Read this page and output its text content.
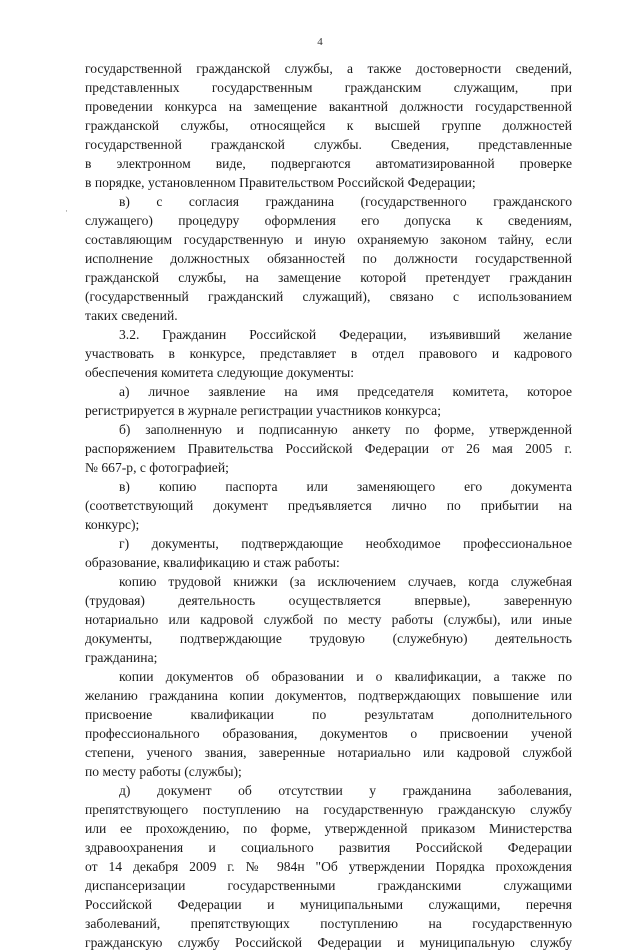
4
·
государственной гражданской службы, а также достоверности сведений,
представленных государственным гражданским служащим, при
проведении конкурса на замещение вакантной должности государственной
гражданской службы, относящейся к высшей группе должностей
государственной гражданской службы. Сведения, представленные
в электронном виде, подвергаются автоматизированной проверке
в порядке, установленном Правительством Российской Федерации;
в) с согласия гражданина (государственного гражданского
служащего) процедуру оформления его допуска к сведениям,
составляющим государственную и иную охраняемую законом тайну, если
исполнение должностных обязанностей по должности государственной
гражданской службы, на замещение которой претендует гражданин
(государственный гражданский служащий), связано с использованием
таких сведений.
3.2. Гражданин Российской Федерации, изъявивший желание
участвовать в конкурсе, представляет в отдел правового и кадрового
обеспечения комитета следующие документы:
а) личное заявление на имя председателя комитета, которое
регистрируется в журнале регистрации участников конкурса;
б) заполненную и подписанную анкету по форме, утвержденной
распоряжением Правительства Российской Федерации от 26 мая 2005 г.
№ 667-р, с фотографией;
в) копию паспорта или заменяющего его документа
(соответствующий документ предъявляется лично по прибытии на
конкурс);
г) документы, подтверждающие необходимое профессиональное
образование, квалификацию и стаж работы:
копию трудовой книжки (за исключением случаев, когда служебная
(трудовая) деятельность осуществляется впервые), заверенную
нотариально или кадровой службой по месту работы (службы), или иные
документы, подтверждающие трудовую (служебную) деятельность
гражданина;
копии документов об образовании и о квалификации, а также по
желанию гражданина копии документов, подтверждающих повышение или
присвоение квалификации по результатам дополнительного
профессионального образования, документов о присвоении ученой
степени, ученого звания, заверенные нотариально или кадровой службой
по месту работы (службы);
д) документ об отсутствии у гражданина заболевания,
препятствующего поступлению на государственную гражданскую службу
или ее прохождению, по форме, утвержденной приказом Министерства
здравоохранения и социального развития Российской Федерации
от 14 декабря 2009 г. № 984н "Об утверждении Порядка прохождения
диспансеризации государственными гражданскими служащими
Российской Федерации и муниципальными служащими, перечня
заболеваний, препятствующих поступлению на государственную
гражданскую службу Российской Федерации и муниципальную службу
